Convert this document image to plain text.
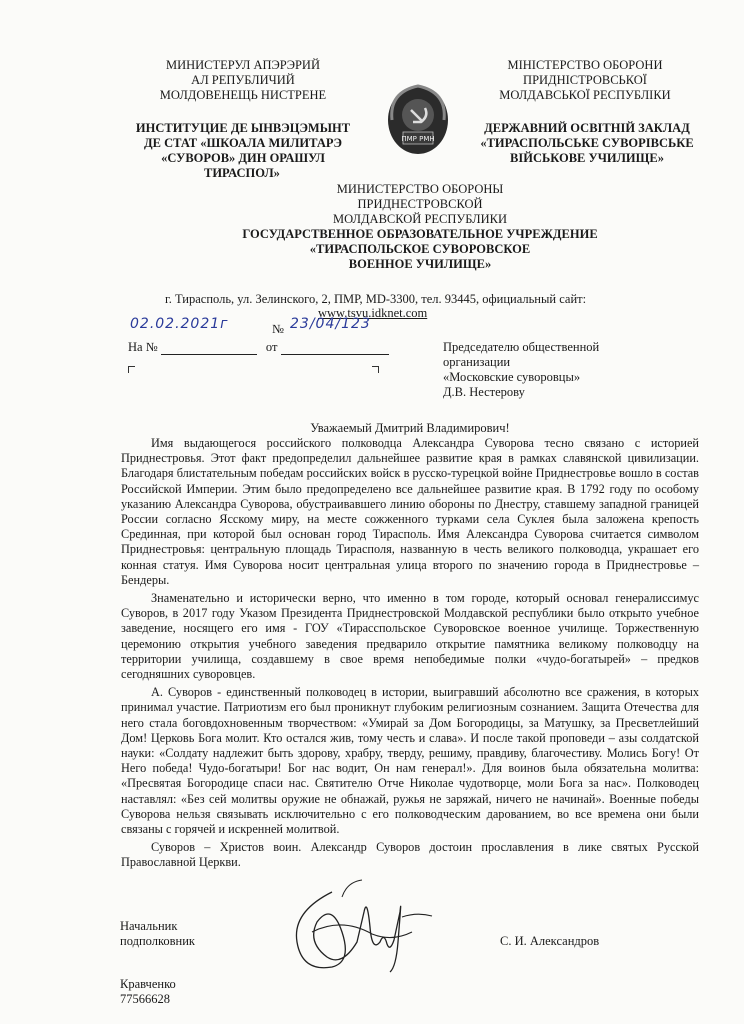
МИНИСТЕРУЛ АПЭРЭРИЙ
АЛ РЕПУБЛИЧИЙ
МОЛДОВЕНЕЩЬ НИСТРЕНЕ
ИНСТИТУЦИЕ ДЕ ЫНВЭЦЭМЫНТ
ДЕ СТАТ «ШКОАЛА МИЛИТАРЭ
«СУВОРОВ» ДИН ОРАШУЛ
ТИРАСПОЛ»
ПМР РМН
МІНІСТЕРСТВО ОБОРОНИ
ПРИДНІСТРОВСЬКОЇ
МОЛДАВСЬКОЇ РЕСПУБЛІКИ
ДЕРЖАВНИЙ ОСВІТНІЙ ЗАКЛАД
«ТИРАСПОЛЬСЬКЕ СУВОРІВСЬКЕ
ВІЙСЬКОВЕ УЧИЛИЩЕ»
МИНИСТЕРСТВО ОБОРОНЫ
ПРИДНЕСТРОВСКОЙ
МОЛДАВСКОЙ РЕСПУБЛИКИ
ГОСУДАРСТВЕННОЕ ОБРАЗОВАТЕЛЬНОЕ УЧРЕЖДЕНИЕ
«ТИРАСПОЛЬСКОЕ СУВОРОВСКОЕ
ВОЕННОЕ УЧИЛИЩЕ»
г. Тирасполь, ул. Зелинского, 2, ПМР, MD-3300, тел. 93445, официальный сайт:
www.tsvu.idknet.com
02.02.2021г	№ 23/04/123
На №	от	Председателю общественной
организации
«Московские суворовцы»
Д.В. Нестерову
Уважаемый Дмитрий Владимирович!

Имя выдающегося российского полководца Александра Суворова тесно связано с историей Приднестровья. Этот факт предопределил дальнейшее развитие края в рамках славянской цивилизации. Благодаря блистательным победам российских войск в русско-турецкой войне Приднестровье вошло в состав Российской Империи. Этим было предопределено все дальнейшее развитие края. В 1792 году по особому указанию Александра Суворова, обустраивавшего линию обороны по Днестру, ставшему западной границей России согласно Ясскому миру, на месте сожженного турками села Суклея была заложена крепость Срединная, при которой был основан город Тирасполь. Имя Александра Суворова считается символом Приднестровья: центральную площадь Тирасполя, названную в честь великого полководца, украшает его конная статуя. Имя Суворова носит центральная улица второго по значению города в Приднестровье – Бендеры.

Знаменательно и исторически верно, что именно в том городе, который основал генералиссимус Суворов, в 2017 году Указом Президента Приднестровской Молдавской республики было открыто учебное заведение, носящего его имя - ГОУ «Тирасспольское Суворовское военное училище. Торжественную церемонию открытия учебного заведения предварило открытие памятника великому полководцу на территории училища, создавшему в свое время непобедимые полки «чудо-богатырей» – предков сегодняшних суворовцев.

А. Суворов - единственный полководец в истории, выигравший абсолютно все сражения, в которых принимал участие. Патриотизм его был проникнут глубоким религиозным сознанием. Защита Отечества для него стала боговдохновенным творчеством: «Умирай за Дом Богородицы, за Матушку, за Пресветлейший Дом! Церковь Бога молит. Кто остался жив, тому честь и слава». И после такой проповеди – азы солдатской науки: «Солдату надлежит быть здорову, храбру, тверду, решиму, правдиву, благочестиву. Молись Богу! От Него победа! Чудо-богатыри! Бог нас водит, Он нам генерал!». Для воинов была обязательна молитва: «Пресвятая Богородице спаси нас. Святителю Отче Николае чудотворце, моли Бога за нас». Полководец наставлял: «Без сей молитвы оружие не обнажай, ружья не заряжай, ничего не начинай». Военные победы Суворова нельзя связывать исключительно с его полководческим дарованием, во все времена они были связаны с горячей и искренней молитвой.

Суворов – Христов воин. Александр Суворов достоин прославления в лике святых Русской Православной Церкви.

Начальник
подполковник	С. И. Александров
Кравченко
77566628
